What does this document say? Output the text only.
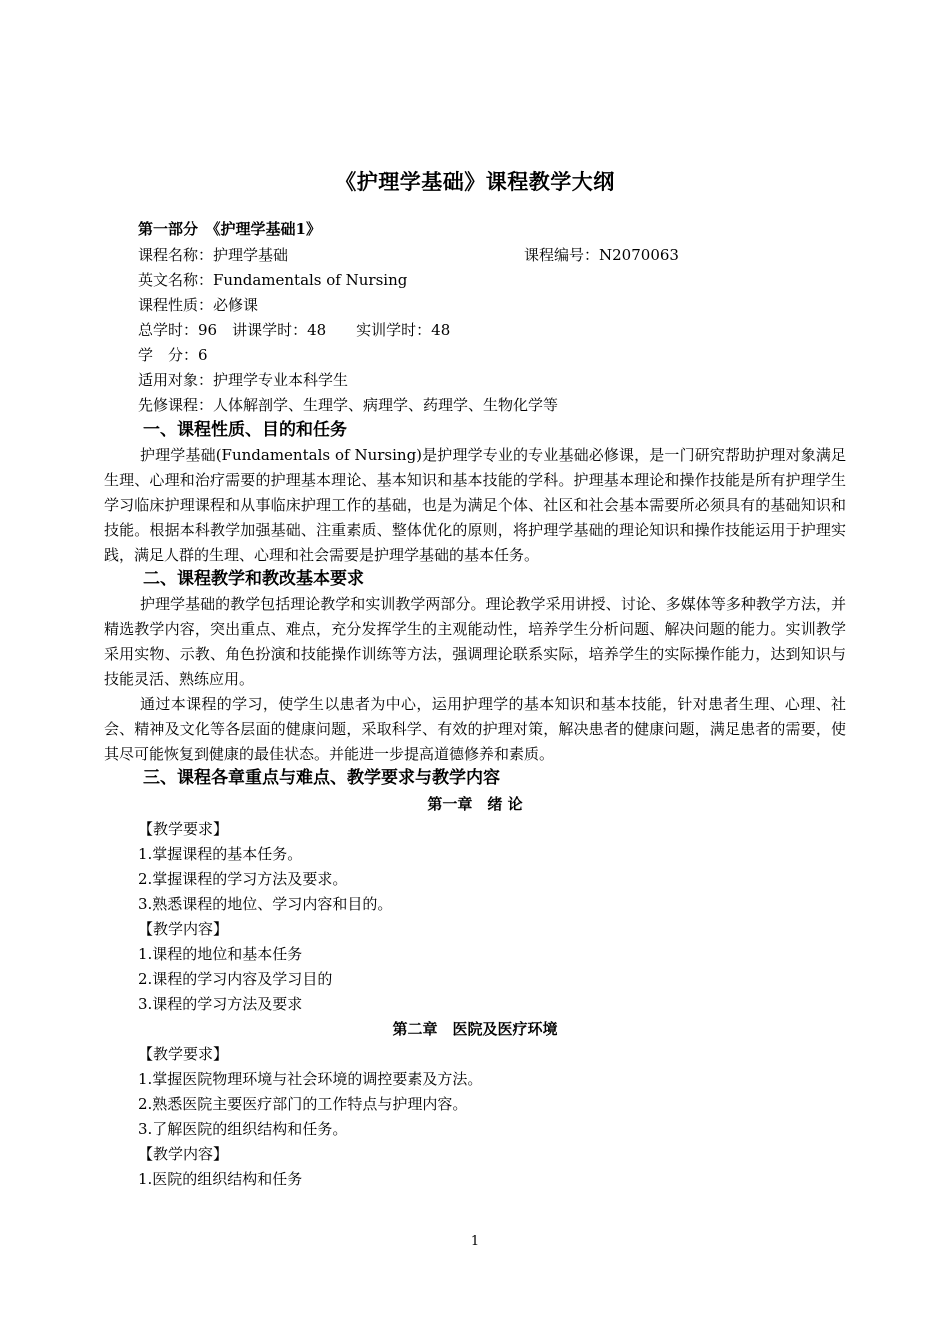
《护理学基础》课程教学大纲
第一部分　《护理学基础1》
课程名称：护理学基础	课程编号：N2070063
英文名称：Fundamentals of Nursing
课程性质：必修课
总学时：96　讲课学时：48　　实训学时：48
学　分：6
适用对象：护理学专业本科学生
先修课程：人体解剖学、生理学、病理学、药理学、生物化学等
一、课程性质、目的和任务

护理学基础(Fundamentals of Nursing)是护理学专业的专业基础必修课，是一门研究帮助护理对象满足生理、心理和治疗需要的护理基本理论、基本知识和基本技能的学科。护理基本理论和操作技能是所有护理学生学习临床护理课程和从事临床护理工作的基础，也是为满足个体、社区和社会基本需要所必须具有的基础知识和技能。根据本科教学加强基础、注重素质、整体优化的原则，将护理学基础的理论知识和操作技能运用于护理实践，满足人群的生理、心理和社会需要是护理学基础的基本任务。

二、课程教学和教改基本要求

护理学基础的教学包括理论教学和实训教学两部分。理论教学采用讲授、讨论、多媒体等多种教学方法，并精选教学内容，突出重点、难点，充分发挥学生的主观能动性，培养学生分析问题、解决问题的能力。实训教学采用实物、示教、角色扮演和技能操作训练等方法，强调理论联系实际，培养学生的实际操作能力，达到知识与技能灵活、熟练应用。

通过本课程的学习，使学生以患者为中心，运用护理学的基本知识和基本技能，针对患者生理、心理、社会、精神及文化等各层面的健康问题，采取科学、有效的护理对策，解决患者的健康问题，满足患者的需要，使其尽可能恢复到健康的最佳状态。并能进一步提高道德修养和素质。

三、课程各章重点与难点、教学要求与教学内容
第一章　绪 论
【教学要求】
1.掌握课程的基本任务。
2.掌握课程的学习方法及要求。
3.熟悉课程的地位、学习内容和目的。
【教学内容】
1.课程的地位和基本任务
2.课程的学习内容及学习目的
3.课程的学习方法及要求
第二章　医院及医疗环境
【教学要求】
1.掌握医院物理环境与社会环境的调控要素及方法。
2.熟悉医院主要医疗部门的工作特点与护理内容。
3.了解医院的组织结构和任务。
【教学内容】
1.医院的组织结构和任务
1
